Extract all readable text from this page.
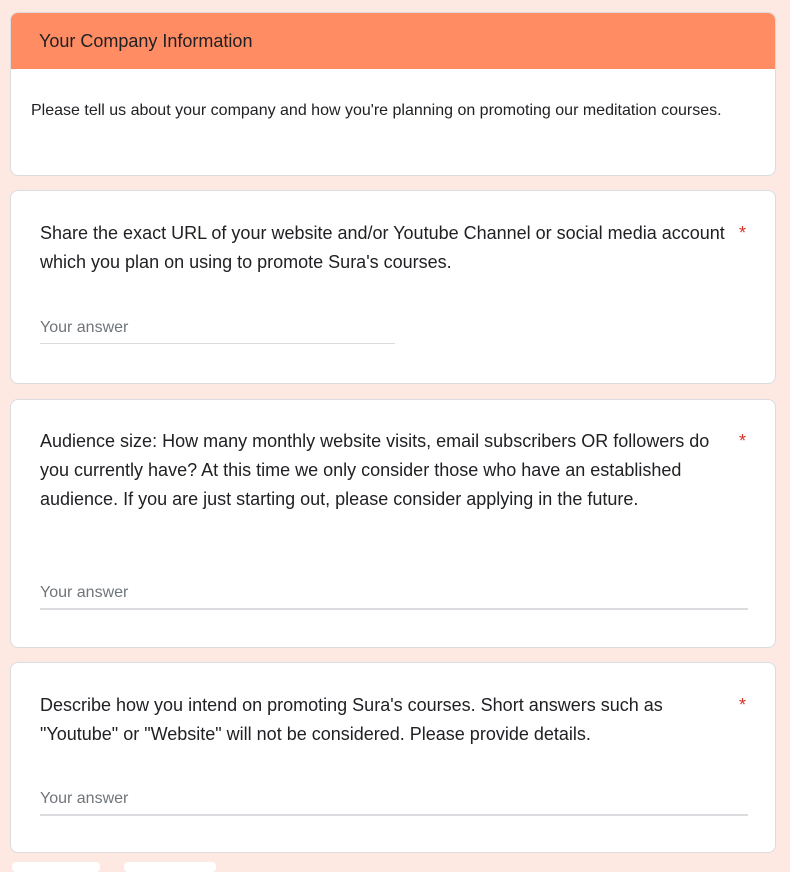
Your Company Information
Please tell us about your company and how you're planning on promoting our meditation courses.
Share the exact URL of your website and/or Youtube Channel or social media account which you plan on using to promote Sura's courses.
*
Your answer
Audience size: How many monthly website visits, email subscribers OR followers do you currently have? At this time we only consider those who have an established audience. If you are just starting out, please consider applying in the future.
*
Your answer
Describe how you intend on promoting Sura's courses. Short answers such as "Youtube" or "Website" will not be considered. Please provide details.
*
Your answer
